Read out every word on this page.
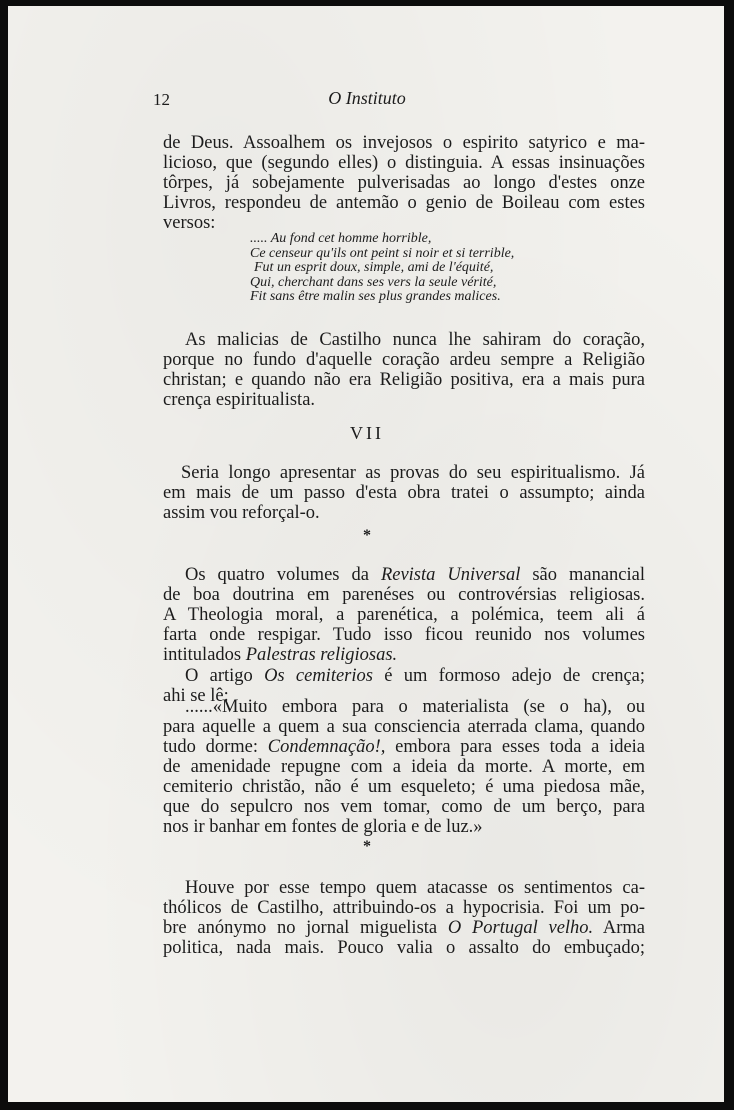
12	O Instituto
de Deus. Assoalhem os invejosos o espirito satyrico e ma-
licioso, que (segundo elles) o distinguia. A essas insinuações
tôrpes, já sobejamente pulverisadas ao longo d'estes onze
Livros, respondeu de antemão o genio de Boileau com estes
versos:
..... Au fond cet homme horrible,
Ce censeur qu'ils ont peint si noir et si terrible,
Fut un esprit doux, simple, ami de l'équité,
Qui, cherchant dans ses vers la seule vérité,
Fit sans être malin ses plus grandes malices.
As malicias de Castilho nunca lhe sahiram do coração,
porque no fundo d'aquelle coração ardeu sempre a Religião
christan; e quando não era Religião positiva, era a mais pura
crença espiritualista.
VII
Seria longo apresentar as provas do seu espiritualismo. Já
em mais de um passo d'esta obra tratei o assumpto; ainda
assim vou reforçal-o.
*
Os quatro volumes da Revista Universal são manancial
de boa doutrina em parenéses ou controvérsias religiosas.
A Theologia moral, a parenética, a polémica, teem ali á
farta onde respigar. Tudo isso ficou reunido nos volumes
intitulados Palestras religiosas.
O artigo Os cemiterios é um formoso adejo de crença;
ahi se lê:
......«Muito embora para o materialista (se o ha), ou
para aquelle a quem a sua consciencia aterrada clama, quando
tudo dorme: Condemnação!, embora para esses toda a ideia
de amenidade repugne com a ideia da morte. A morte, em
cemiterio christão, não é um esqueleto; é uma piedosa mãe,
que do sepulcro nos vem tomar, como de um berço, para
nos ir banhar em fontes de gloria e de luz.»
*
Houve por esse tempo quem atacasse os sentimentos ca-
thólicos de Castilho, attribuindo-os a hypocrisia. Foi um po-
bre anónymo no jornal miguelista O Portugal velho. Arma
politica, nada mais. Pouco valia o assalto do embuçado;
